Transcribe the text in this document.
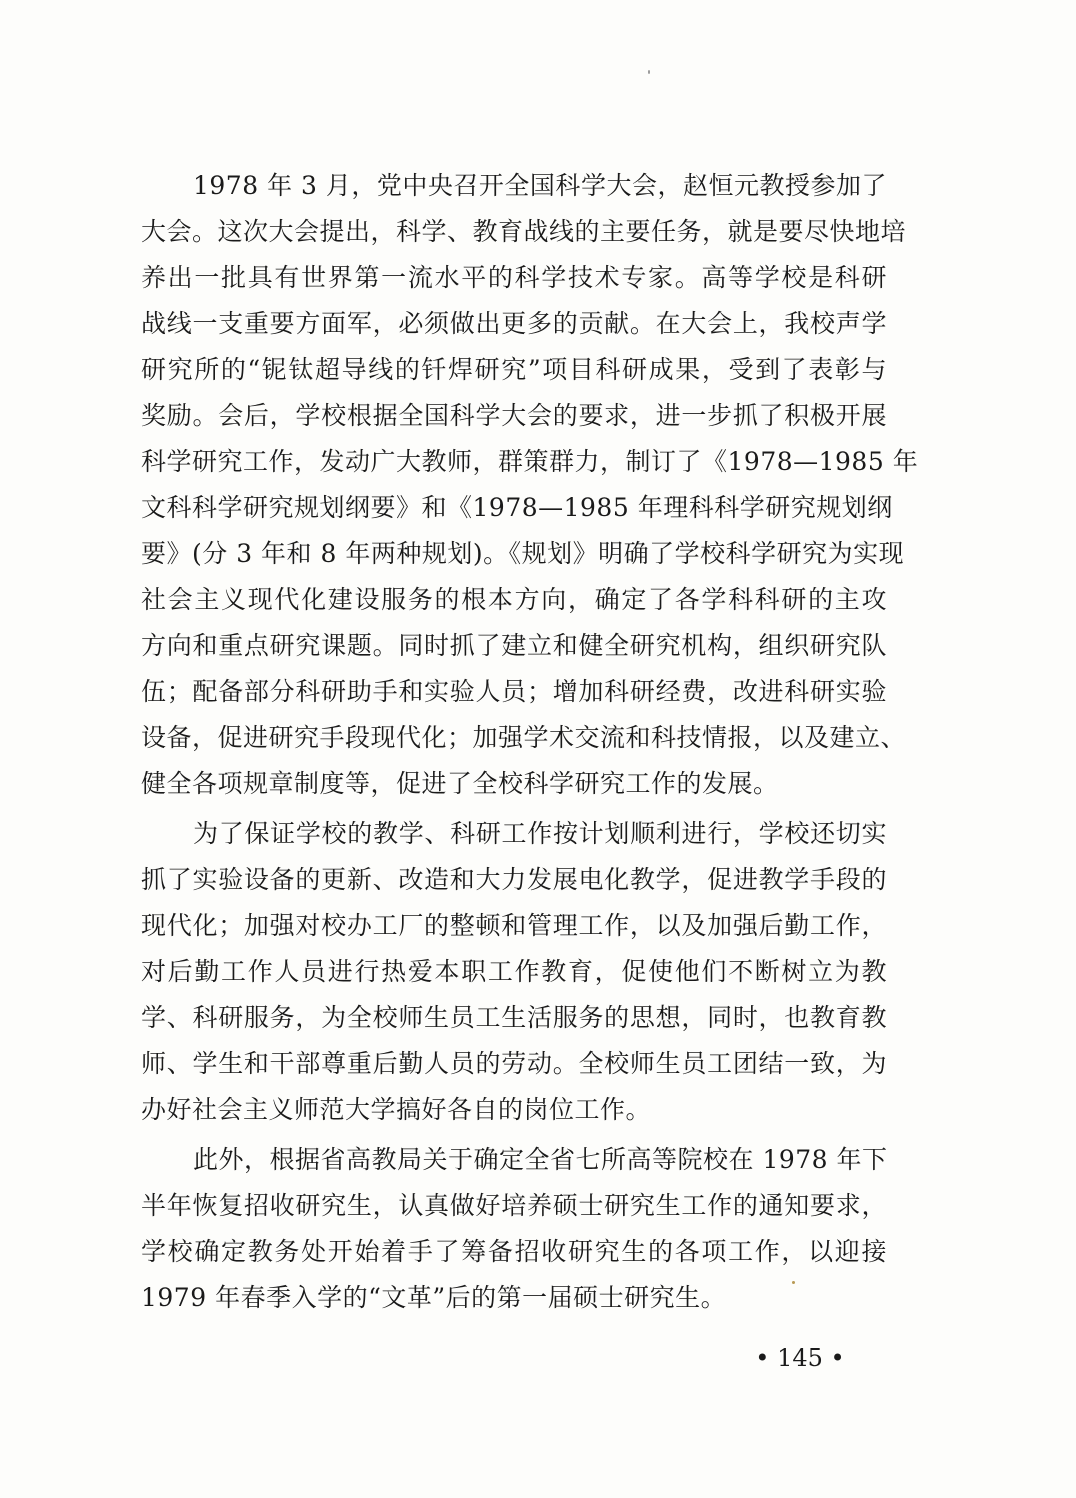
1978 年 3 月，党中央召开全国科学大会，赵恒元教授参加了
大会。这次大会提出，科学、教育战线的主要任务，就是要尽快地培
养出一批具有世界第一流水平的科学技术专家。高等学校是科研
战线一支重要方面军，必须做出更多的贡献。在大会上，我校声学
研究所的“铌钛超导线的钎焊研究”项目科研成果，受到了表彰与
奖励。会后，学校根据全国科学大会的要求，进一步抓了积极开展
科学研究工作，发动广大教师，群策群力，制订了《1978—1985 年
文科科学研究规划纲要》和《1978—1985 年理科科学研究规划纲
要》(分 3 年和 8 年两种规划)。《规划》明确了学校科学研究为实现
社会主义现代化建设服务的根本方向，确定了各学科科研的主攻
方向和重点研究课题。同时抓了建立和健全研究机构，组织研究队
伍；配备部分科研助手和实验人员；增加科研经费，改进科研实验
设备，促进研究手段现代化；加强学术交流和科技情报，以及建立、
健全各项规章制度等，促进了全校科学研究工作的发展。
为了保证学校的教学、科研工作按计划顺利进行，学校还切实
抓了实验设备的更新、改造和大力发展电化教学，促进教学手段的
现代化；加强对校办工厂的整顿和管理工作，以及加强后勤工作，
对后勤工作人员进行热爱本职工作教育，促使他们不断树立为教
学、科研服务，为全校师生员工生活服务的思想，同时，也教育教
师、学生和干部尊重后勤人员的劳动。全校师生员工团结一致，为
办好社会主义师范大学搞好各自的岗位工作。
此外，根据省高教局关于确定全省七所高等院校在 1978 年下
半年恢复招收研究生，认真做好培养硕士研究生工作的通知要求，
学校确定教务处开始着手了筹备招收研究生的各项工作，以迎接
1979 年春季入学的“文革”后的第一届硕士研究生。
• 145 •
